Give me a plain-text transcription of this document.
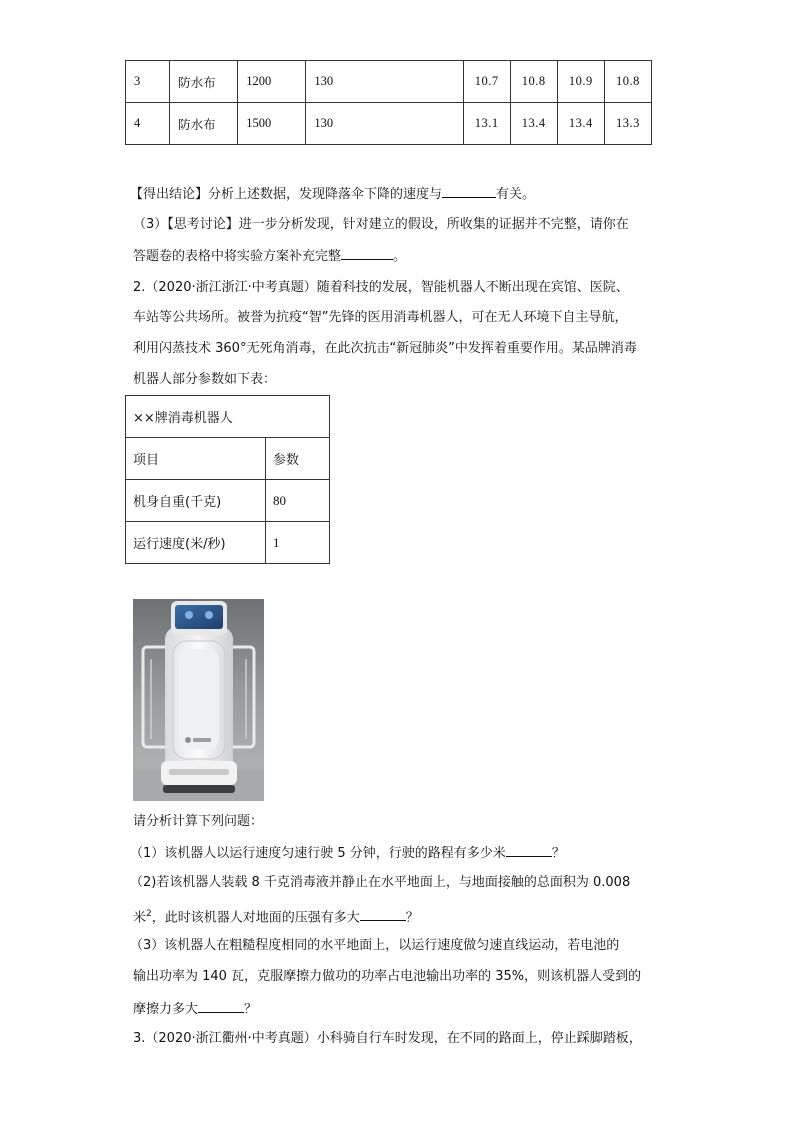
3	防水布	1200	130	10.7	10.8	10.9	10.8
4	防水布	1500	130	13.1	13.4	13.4	13.3
【得出结论】分析上述数据，发现降落伞下降的速度与	有关。
（3）【思考讨论】进一步分析发现，针对建立的假设，所收集的证据并不完整，请你在
答题卷的表格中将实验方案补充完整	。
2.（2020·浙江浙江·中考真题）随着科技的发展，智能机器人不断出现在宾馆、医院、
车站等公共场所。被誉为抗疫“智”先锋的医用消毒机器人，可在无人环境下自主导航，
利用闪蒸技术 360°无死角消毒，在此次抗击“新冠肺炎”中发挥着重要作用。某品牌消毒
机器人部分参数如下表：
××牌消毒机器人	
项目	参数
机身自重(千克)	80
运行速度(米/秒)	1
请分析计算下列问题：
（1）该机器人以运行速度匀速行驶 5 分钟，行驶的路程有多少米	？
（2)若该机器人装载 8 千克消毒液并静止在水平地面上，与地面接触的总面积为 0.008
米$^2$，此时该机器人对地面的压强有多大	？
（3）该机器人在粗糙程度相同的水平地面上，以运行速度做匀速直线运动，若电池的
输出功率为 140 瓦，克服摩擦力做功的功率占电池输出功率的 35%，则该机器人受到的
摩擦力多大	？
3.（2020·浙江衢州·中考真题）小科骑自行车时发现，在不同的路面上，停止踩脚踏板，
